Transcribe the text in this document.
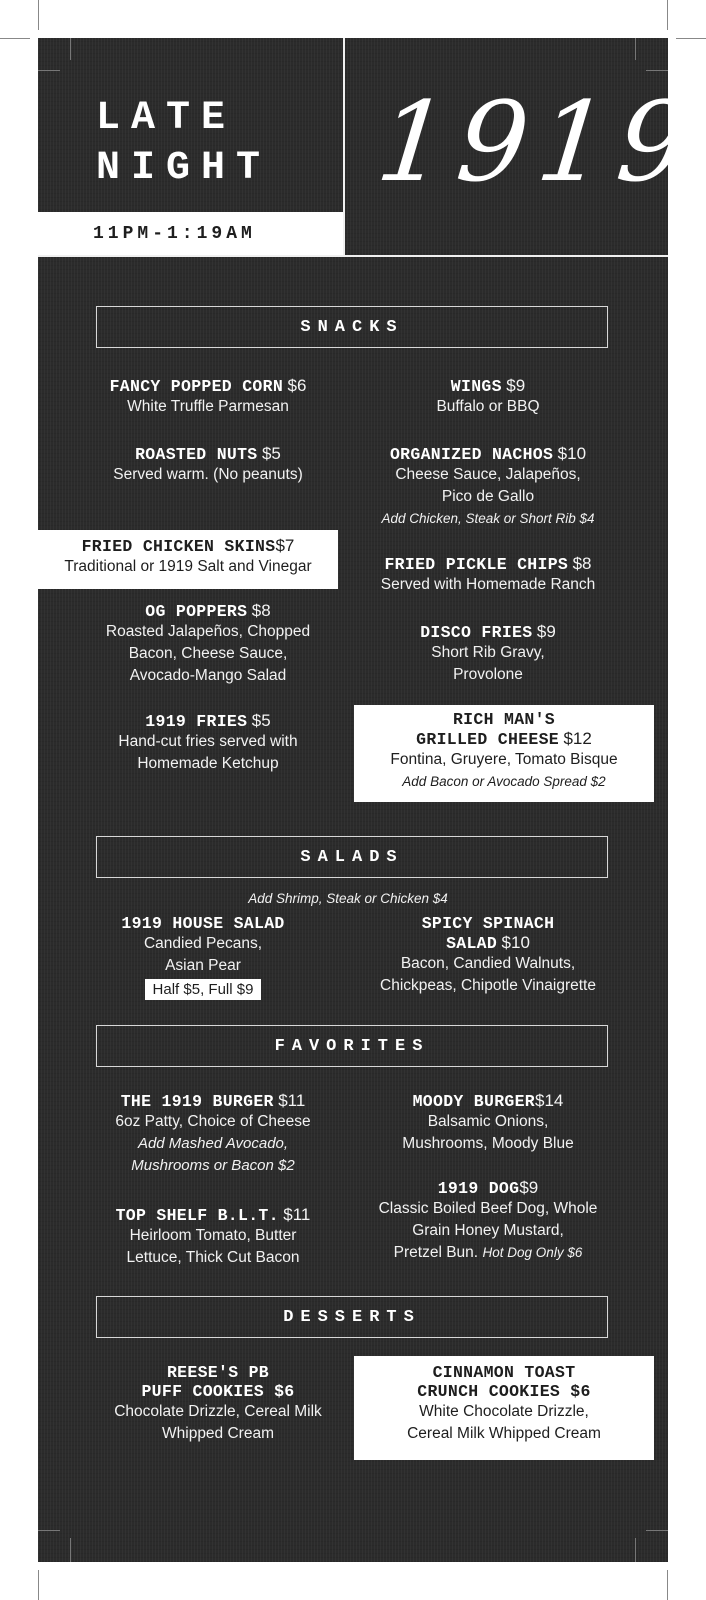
LATE
NIGHT
11PM-1:19AM
1919
SNACKS
FANCY POPPED CORN $6
White Truffle Parmesan
WINGS $9
Buffalo or BBQ
ROASTED NUTS $5
Served warm. (No peanuts)
ORGANIZED NACHOS $10
Cheese Sauce, Jalapeños,
Pico de Gallo
Add Chicken, Steak or Short Rib $4
FRIED CHICKEN SKINS$7
Traditional or 1919 Salt and Vinegar	FRIED PICKLE CHIPS $8
Served with Homemade Ranch
OG POPPERS $8
Roasted Jalapeños, Chopped
Bacon, Cheese Sauce,
Avocado-Mango Salad
DISCO FRIES $9
Short Rib Gravy,
Provolone
1919 FRIES $5
Hand-cut fries served with
Homemade Ketchup
RICH MAN'S
GRILLED CHEESE $12
Fontina, Gruyere, Tomato Bisque
Add Bacon or Avocado Spread $2
SALADS
Add Shrimp, Steak or Chicken $4
1919 HOUSE SALAD
Candied Pecans,
Asian Pear
Half $5, Full $9
SPICY SPINACH
SALAD $10
Bacon, Candied Walnuts,
Chickpeas, Chipotle Vinaigrette
FAVORITES
THE 1919 BURGER $11
6oz Patty, Choice of Cheese
Add Mashed Avocado,
Mushrooms or Bacon $2
MOODY BURGER$14
Balsamic Onions,
Mushrooms, Moody Blue
TOP SHELF B.L.T. $11
Heirloom Tomato, Butter
Lettuce, Thick Cut Bacon
1919 DOG$9
Classic Boiled Beef Dog, Whole
Grain Honey Mustard,
Pretzel Bun. Hot Dog Only $6
DESSERTS
REESE'S PB
PUFF COOKIES $6
Chocolate Drizzle, Cereal Milk
Whipped Cream
CINNAMON TOAST
CRUNCH COOKIES $6
White Chocolate Drizzle,
Cereal Milk Whipped Cream
